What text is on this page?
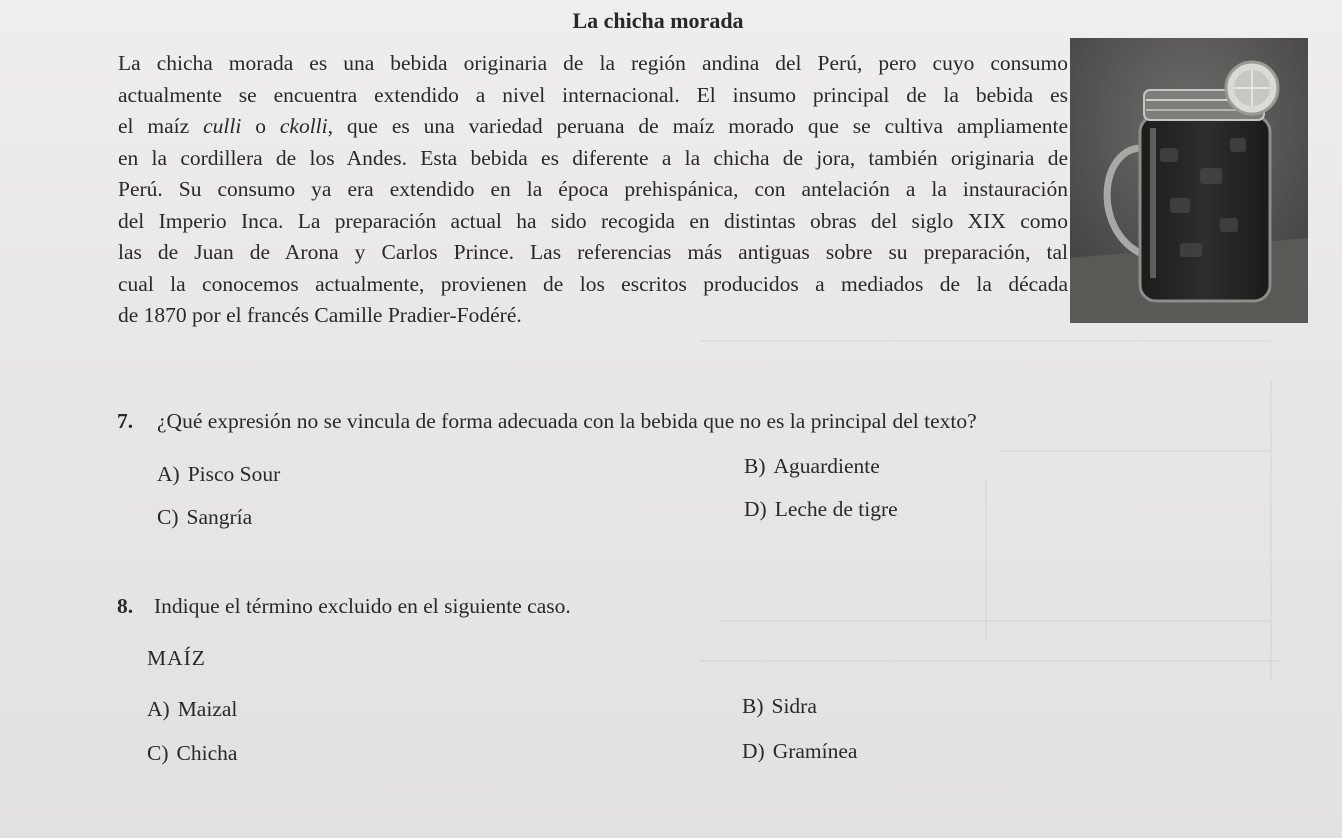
La chicha morada
La chicha morada es una bebida originaria de la región andina del Perú, pero cuyo consumo
actualmente se encuentra extendido a nivel internacional. El insumo principal de la bebida es
el maíz culli o ckolli, que es una variedad peruana de maíz morado que se cultiva ampliamente
en la cordillera de los Andes. Esta bebida es diferente a la chicha de jora, también originaria de
Perú. Su consumo ya era extendido en la época prehispánica, con antelación a la instauración
del Imperio Inca. La preparación actual ha sido recogida en distintas obras del siglo XIX como
las de Juan de Arona y Carlos Prince. Las referencias más antiguas sobre su preparación, tal
cual la conocemos actualmente, provienen de los escritos producidos a mediados de la década
de 1870 por el francés Camille Pradier-Fodéré.
7. ¿Qué expresión no se vincula de forma adecuada con la bebida que no es la principal del texto?
A) Pisco Sour	B) Aguardiente
C) Sangría	D) Leche de tigre
8. Indique el término excluido en el siguiente caso.
MAÍZ
A) Maizal	B) Sidra
C) Chicha	D) Gramínea
